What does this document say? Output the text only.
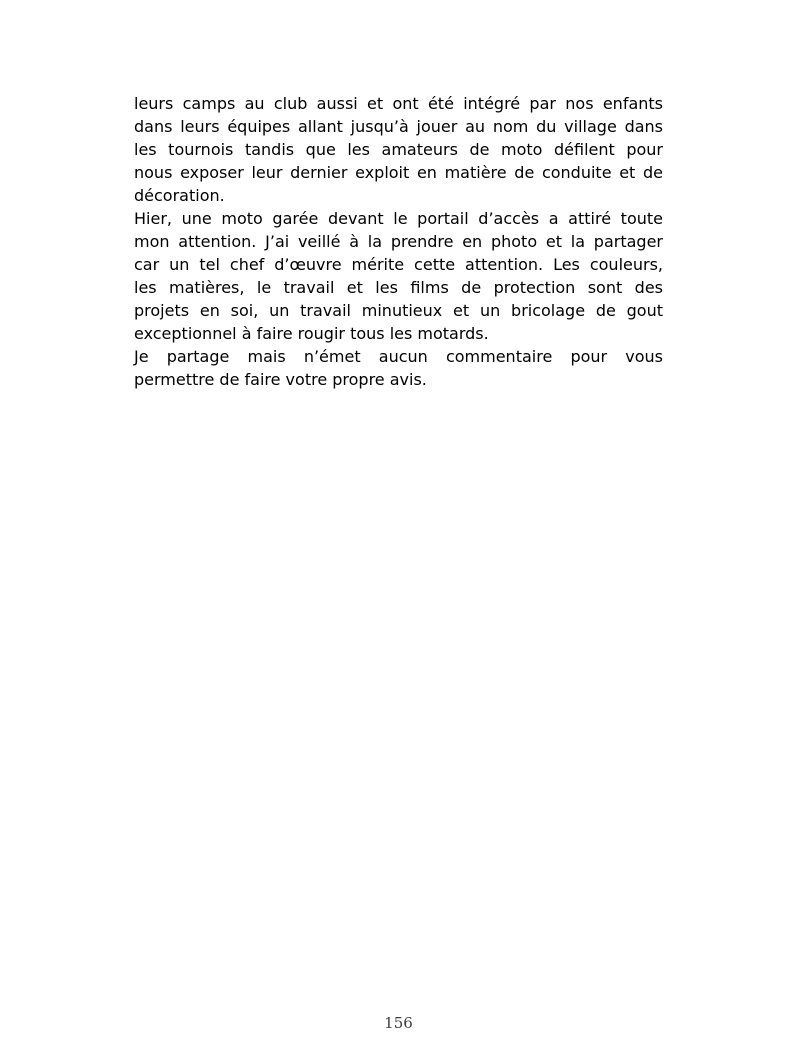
leurs camps au club aussi et ont été intégré par nos enfants
dans leurs équipes allant jusqu’à jouer au nom du village dans
les tournois tandis que les amateurs de moto défilent pour
nous exposer leur dernier exploit en matière de conduite et de
décoration.
Hier, une moto garée devant le portail d’accès a attiré toute
mon attention. J’ai veillé à la prendre en photo et la partager
car un tel chef d’œuvre mérite cette attention. Les couleurs,
les matières, le travail et les films de protection sont des
projets en soi, un travail minutieux et un bricolage de gout
exceptionnel à faire rougir tous les motards.
Je partage mais n’émet aucun commentaire pour vous
permettre de faire votre propre avis.
156
